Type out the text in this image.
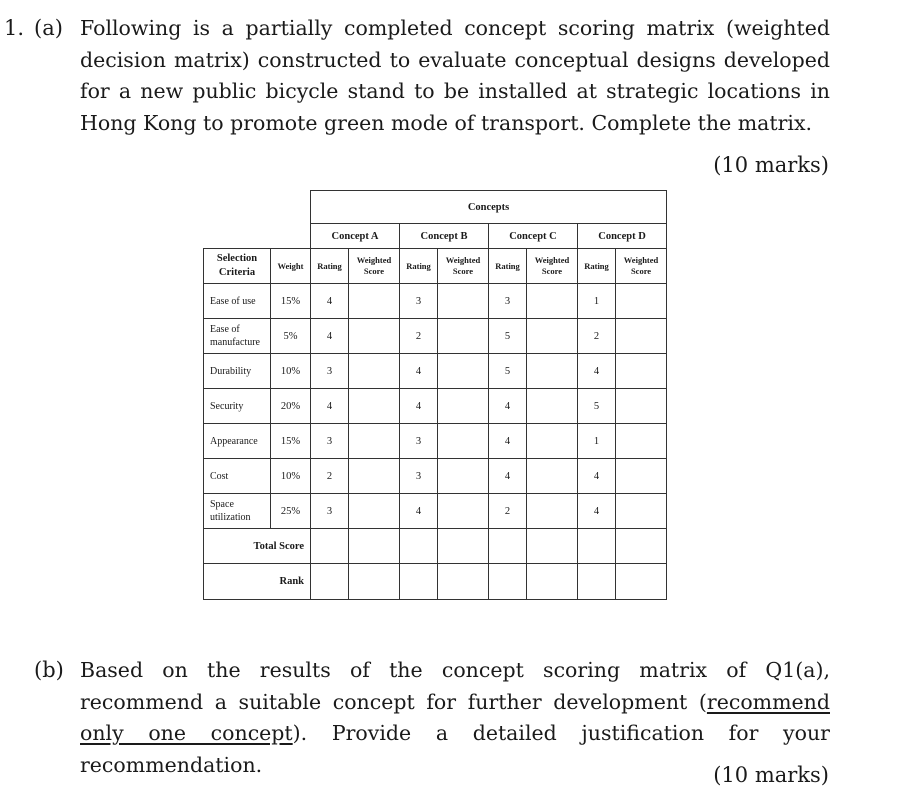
1. (a) Following is a partially completed concept scoring matrix (weighted decision matrix) constructed to evaluate conceptual designs developed for a new public bicycle stand to be installed at strategic locations in Hong Kong to promote green mode of transport. Complete the matrix.
(10 marks)
		Concepts							
		Concept A		Concept B		Concept C		Concept D	
Selection Criteria	Weight	Rating	Weighted Score	Rating	Weighted Score	Rating	Weighted Score	Rating	Weighted Score
Ease of use	15%	4		3		3		1	
Ease of manufacture	5%	4		2		5		2	
Durability	10%	3		4		5		4	
Security	20%	4		4		4		5	
Appearance	15%	3		3		4		1	
Cost	10%	2		3		4		4	
Space utilization	25%	3		4		2		4	
Total Score									
Rank									
(b) Based on the results of the concept scoring matrix of Q1(a), recommend a suitable concept for further development (recommend only one concept). Provide a detailed justification for your recommendation.	(10 marks)
